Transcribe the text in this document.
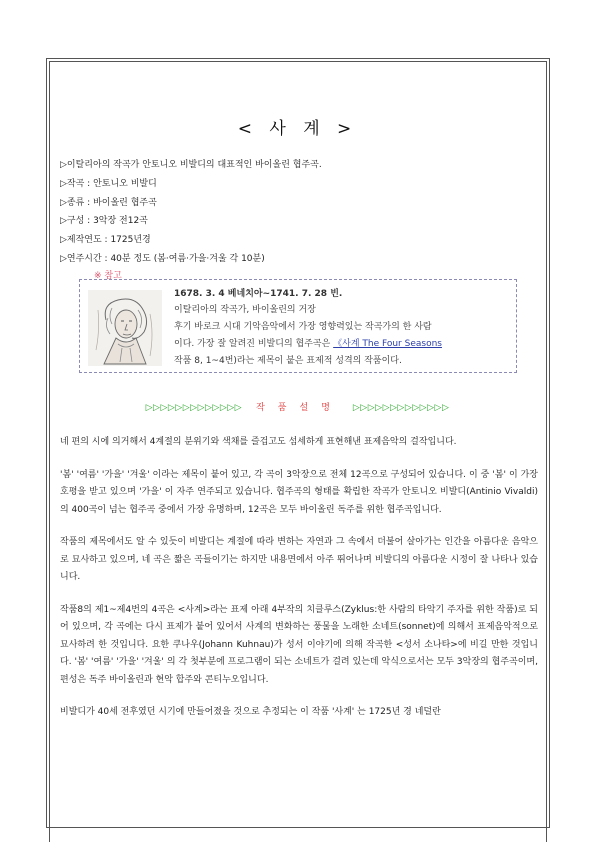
< 사 계 >
▷이탈리아의 작곡가 안토니오 비발디의 대표적인 바이올린 협주곡.
▷작곡 : 안토니오 비발디
▷종류 : 바이올린 협주곡
▷구성 : 3악장 전12곡
▷제작연도 : 1725년경
▷연주시간 : 40분 정도 (봄·여름·가을·겨울 각 10분)
※ 참고
1678. 3. 4 베네치아~1741. 7. 28 빈.
이탈리아의 작곡가, 바이올린의 거장
후기 바로크 시대 기악음악에서 가장 영향력있는 작곡가의 한 사람
이다. 가장 잘 알려진 비발디의 협주곡은 《사계 The Four Seasons
작품 8, 1~4번)라는 제목이 붙은 표제적 성격의 작품이다.
▷▷▷▷▷▷▷▷▷▷▷▷▷ 작품설명 ▷▷▷▷▷▷▷▷▷▷▷▷▷

네 편의 시에 의거해서 4계절의 분위기와 색채를 즐겁고도 섬세하게 표현해낸 표제음악의 걸작입니다.

'봄' '여름' '가을' '겨울' 이라는 제목이 붙어 있고, 각 곡이 3악장으로 전체 12곡으로 구성되어 있습니다. 이 중 '봄' 이 가장 호평을 받고 있으며 '가을' 이 자주 연주되고 있습니다. 협주곡의 형태를 확립한 작곡가 안토니오 비발디(Antinio Vivaldi)의 400곡이 넘는 협주곡 중에서 가장 유명하며, 12곡은 모두 바이올린 독주를 위한 협주곡입니다.

작품의 제목에서도 알 수 있듯이 비발디는 계절에 따라 변하는 자연과 그 속에서 더불어 살아가는 인간을 아름다운 음악으로 묘사하고 있으며, 네 곡은 짧은 곡들이기는 하지만 내용면에서 아주 뛰어나며 비발디의 아름다운 시정이 잘 나타나 있습니다.

작품8의 제1~제4번의 4곡은 <사계>라는 표제 아래 4부작의 치클루스(Zyklus:한 사람의 타악기 주자를 위한 작품)로 되어 있으며, 각 곡에는 다시 표제가 붙어 있어서 사계의 변화하는 풍물을 노래한 소네트(sonnet)에 의해서 표제음악적으로 묘사하려 한 것입니다. 요한 쿠나우(Johann Kuhnau)가 성서 이야기에 의해 작곡한 <성서 소나타>에 비길 만한 것입니다. '봄' '여름' '가을' '겨울' 의 각 첫부분에 프로그램이 되는 소네트가 걸려 있는데 악식으로서는 모두 3악장의 협주곡이며, 편성은 독주 바이올린과 현악 합주와 콘티누오입니다.

비발디가 40세 전후였던 시기에 만들어졌을 것으로 추정되는 이 작품 '사계' 는 1725년 경 네덜란
